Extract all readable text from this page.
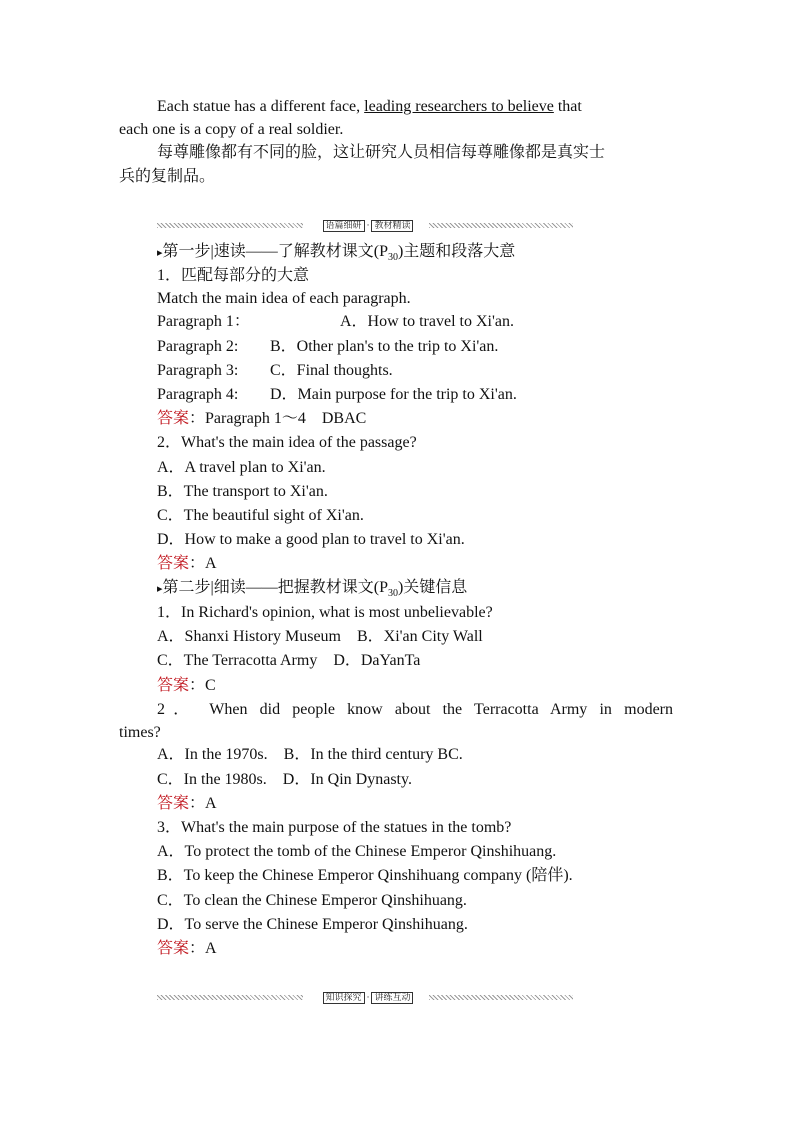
Each statue has a different face, leading researchers to believe that
each one is a copy of a real soldier.
每尊雕像都有不同的脸，这让研究人员相信每尊雕像都是真实士
兵的复制品。
语篇细研 · 教材精读
▸第一步|速读——了解教材课文$(P_{30})$主题和段落大意
1．匹配每部分的大意
Match the main idea of each paragraph.
Paragraph 1：	A．How to travel to Xi'an.
Paragraph 2: B．Other plan's to the trip to Xi'an.
Paragraph 3: C．Final thoughts.
Paragraph 4: D．Main purpose for the trip to Xi'an.
答案：Paragraph 1～4　DBAC
2．What's the main idea of the passage?
A．A travel plan to Xi'an.
B．The transport to Xi'an.
C．The beautiful sight of Xi'an.
D．How to make a good plan to travel to Xi'an.
答案：A
▸第二步|细读——把握教材课文$(P_{30})$关键信息
1．In Richard's opinion, what is most unbelievable?
A．Shanxi History Museum　B．Xi'an City Wall
C．The Terracotta Army　D．DaYanTa
答案：C
2． When did people know about the Terracotta Army in modern
times?
A．In the 1970s.　B．In the third century BC.
C．In the 1980s.　D．In Qin Dynasty.
答案：A
3．What's the main purpose of the statues in the tomb?
A．To protect the tomb of the Chinese Emperor Qinshihuang.
B．To keep the Chinese Emperor Qinshihuang company (陪伴).
C．To clean the Chinese Emperor Qinshihuang.
D．To serve the Chinese Emperor Qinshihuang.
答案：A
知识探究 · 讲练互动
